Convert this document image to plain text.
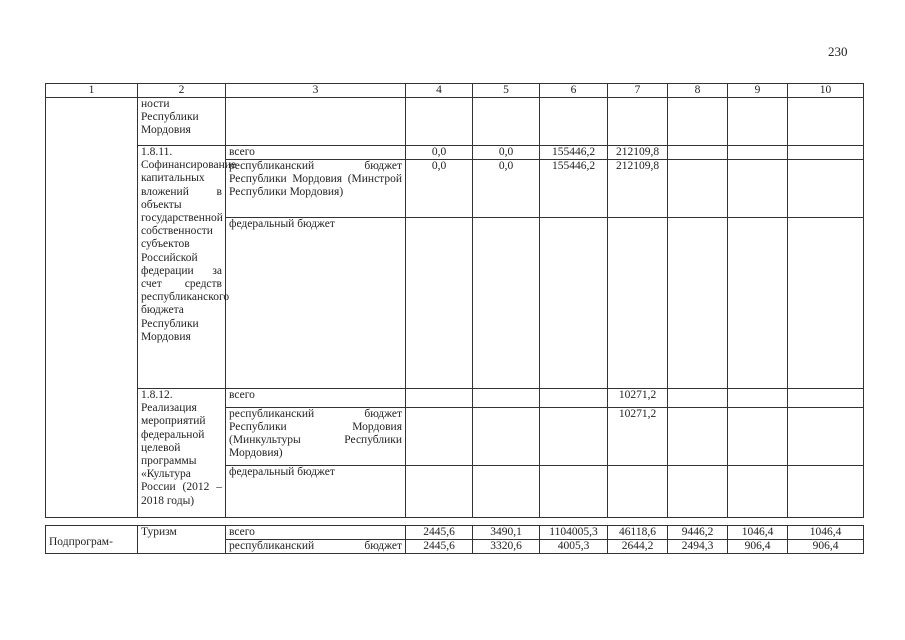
230
1	2	3	4	5	6	7	8	9	10
	ности Республики Мордовия								
	1.8.11. Софинансирование капитальных вложений в объекты государственной собственности субъектов Российской федерации за счет средств республиканского бюджета Республики Мордовия	всего	0,0	0,0	155446,2	212109,8			
		республиканский бюджет Республики Мордовия (Минстрой Республики Мордовия)	0,0	0,0	155446,2	212109,8			
		федеральный бюджет							
	1.8.12. Реализация мероприятий федеральной целевой программы «Культура России (2012 – 2018 годы)	всего				10271,2			
		республиканский бюджет Республики Мордовия (Минкультуры Республики Мордовия)				10271,2			
		федеральный бюджет							
Подпрограм-	Туризм	всего	2445,6	3490,1	1104005,3	46118,6	9446,2	1046,4	1046,4
		республиканский бюджет	2445,6	3320,6	4005,3	2644,2	2494,3	906,4	906,4
